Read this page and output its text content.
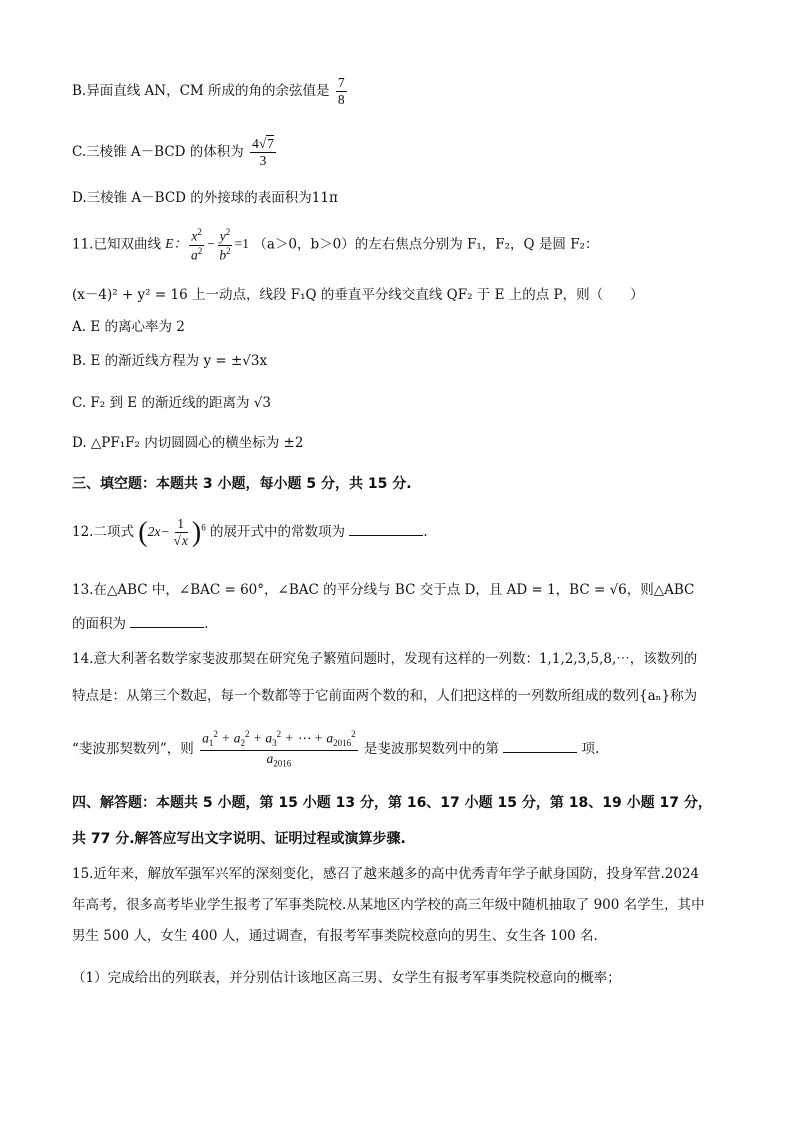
B.异面直线 AN，CM 所成的角的余弦值是 $\frac{7}{8}$
C.三棱锥 A－BCD 的体积为 $\frac{4√7}{3}$
D.三棱锥 A－BCD 的外接球的表面积为11π
11.已知双曲线 E： $\frac{x^2}{a^2} - \frac{y^2}{b^2} =1$ （a＞0，b＞0）的左右焦点分别为 F₁，F₂，Q 是圆 F₂：
(x－4)² + y² = 16 上一动点，线段 F₁Q 的垂直平分线交直线 QF₂ 于 E 上的点 P，则（　　）
A. E 的离心率为 2
B. E 的渐近线方程为 y = ±√3x
C. F₂ 到 E 的渐近线的距离为 √3
D. △PF₁F₂ 内切圆圆心的横坐标为 ±2
三、填空题：本题共 3 小题，每小题 5 分，共 15 分.
12.二项式 $(2x- \frac{1}{√x} )^6$ 的展开式中的常数项为	.
13.在△ABC 中，∠BAC = 60°，∠BAC 的平分线与 BC 交于点 D，且 AD = 1，BC = √6，则△ABC
的面积为	.
14.意大利著名数学家斐波那契在研究兔子繁殖问题时，发现有这样的一列数：1,1,2,3,5,8,⋯，该数列的
特点是：从第三个数起，每一个数都等于它前面两个数的和，人们把这样的一列数所组成的数列{aₙ}称为
“斐波那契数列”，则 $\frac{a_1^2 + a_2^2 + a_3^2 + \cdots + a_{2016}^2}{a_{2016}}$ 是斐波那契数列中的第	项.
四、解答题：本题共 5 小题，第 15 小题 13 分，第 16、17 小题 15 分，第 18、19 小题 17 分，
共 77 分.解答应写出文字说明、证明过程或演算步骤.
15.近年来，解放军强军兴军的深刻变化，感召了越来越多的高中优秀青年学子献身国防，投身军营.2024
年高考，很多高考毕业学生报考了军事类院校.从某地区内学校的高三年级中随机抽取了 900 名学生，其中
男生 500 人，女生 400 人，通过调查，有报考军事类院校意向的男生、女生各 100 名.
（1）完成给出的列联表，并分别估计该地区高三男、女学生有报考军事类院校意向的概率；
